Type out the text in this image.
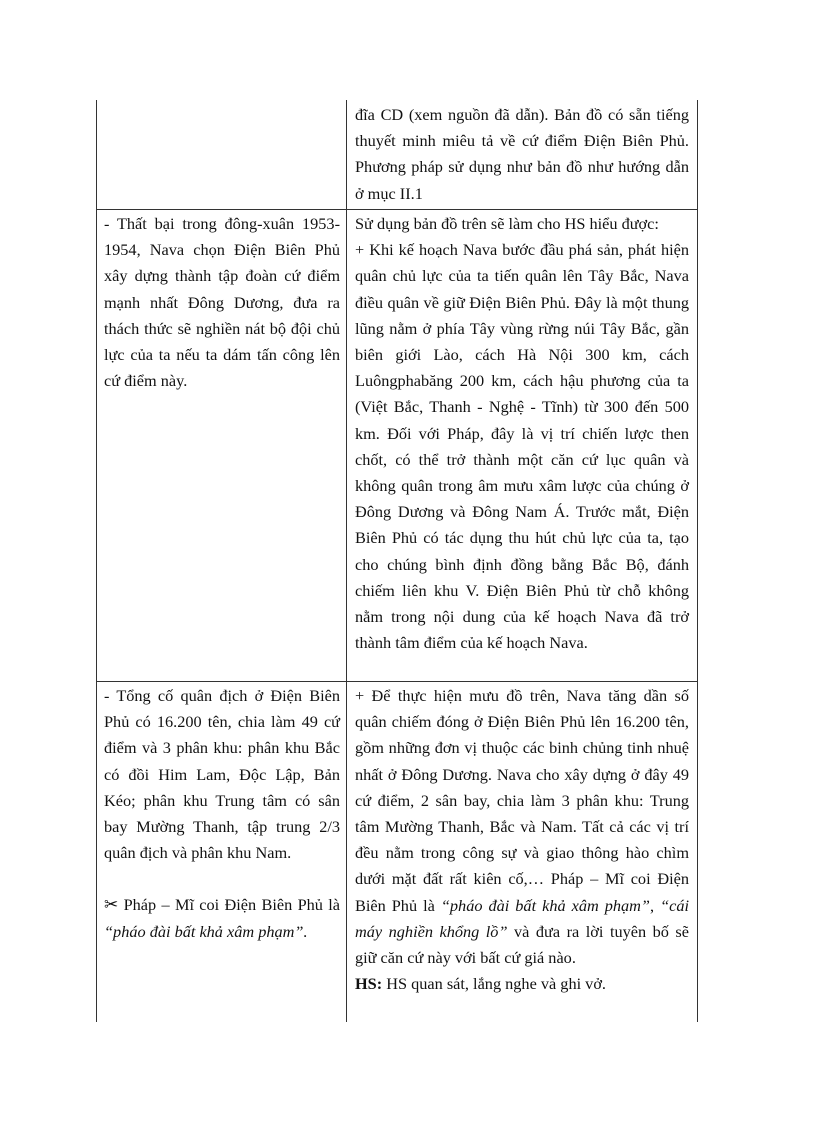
đĩa CD (xem nguồn đã dẫn). Bản đồ có sẵn tiếng thuyết minh miêu tả về cứ điểm Điện Biên Phủ. Phương pháp sử dụng như bản đồ như hướng dẫn ở mục II.1

- Thất bại trong đông-xuân 1953-1954, Nava chọn Điện Biên Phủ xây dựng thành tập đoàn cứ điểm mạnh nhất Đông Dương, đưa ra thách thức sẽ nghiền nát bộ đội chủ lực của ta nếu ta dám tấn công lên cứ điểm này.

Sử dụng bản đồ trên sẽ làm cho HS hiểu được:

+ Khi kế hoạch Nava bước đầu phá sản, phát hiện quân chủ lực của ta tiến quân lên Tây Bắc, Nava điều quân về giữ Điện Biên Phủ. Đây là một thung lũng nằm ở phía Tây vùng rừng núi Tây Bắc, gần biên giới Lào, cách Hà Nội 300 km, cách Luôngphabăng 200 km, cách hậu phương của ta (Việt Bắc, Thanh - Nghệ - Tĩnh) từ 300 đến 500 km. Đối với Pháp, đây là vị trí chiến lược then chốt, có thể trở thành một căn cứ lục quân và không quân trong âm mưu xâm lược của chúng ở Đông Dương và Đông Nam Á. Trước mắt, Điện Biên Phủ có tác dụng thu hút chủ lực của ta, tạo cho chúng bình định đồng bằng Bắc Bộ, đánh chiếm liên khu V. Điện Biên Phủ từ chỗ không nằm trong nội dung của kế hoạch Nava đã trở thành tâm điểm của kế hoạch Nava.

- Tổng cố quân địch ở Điện Biên Phủ có 16.200 tên, chia làm 49 cứ điểm và 3 phân khu: phân khu Bắc có đồi Him Lam, Độc Lập, Bản Kéo; phân khu Trung tâm có sân bay Mường Thanh, tập trung 2/3 quân địch và phân khu Nam.

✂ Pháp – Mĩ coi Điện Biên Phủ là “pháo đài bất khả xâm phạm”.

+ Để thực hiện mưu đồ trên, Nava tăng dần số quân chiếm đóng ở Điện Biên Phủ lên 16.200 tên, gồm những đơn vị thuộc các binh chủng tinh nhuệ nhất ở Đông Dương. Nava cho xây dựng ở đây 49 cứ điểm, 2 sân bay, chia làm 3 phân khu: Trung tâm Mường Thanh, Bắc và Nam. Tất cả các vị trí đều nằm trong công sự và giao thông hào chìm dưới mặt đất rất kiên cố,… Pháp – Mĩ coi Điện Biên Phủ là “pháo đài bất khả xâm phạm”, “cái máy nghiền khổng lồ” và đưa ra lời tuyên bố sẽ giữ căn cứ này với bất cứ giá nào.

HS: HS quan sát, lắng nghe và ghi vở.
